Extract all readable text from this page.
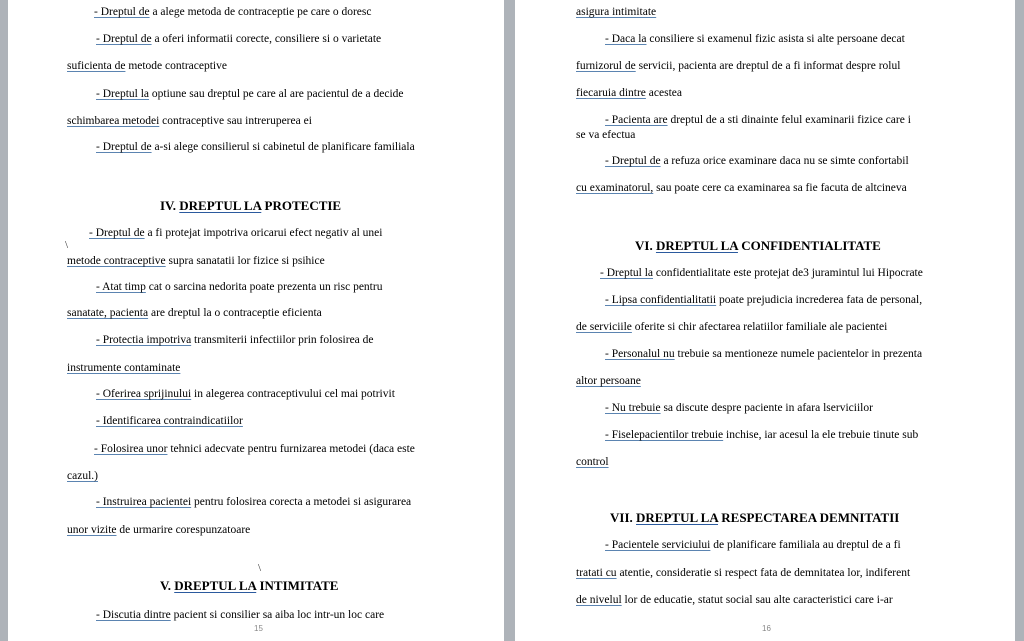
- Dreptul de a alege metoda de contraceptie pe care o doresc
- Dreptul de a oferi informatii corecte, consiliere si o varietate
suficienta de metode contraceptive
- Dreptul la optiune sau dreptul pe care al are pacientul de a decide
schimbarea metodei contraceptive sau intreruperea ei
- Dreptul de a-si alege consilierul si cabinetul de planificare familiala
IV. DREPTUL LA PROTECTIE
- Dreptul de a fi protejat impotriva oricarui efect negativ al unei
\
metode contraceptive supra sanatatii lor fizice si psihice
- Atat timp cat o sarcina nedorita poate prezenta un risc pentru
sanatate, pacienta are dreptul la o contraceptie eficienta
- Protectia impotriva transmiterii infectiilor prin folosirea de
instrumente contaminate
- Oferirea sprijinului in alegerea contraceptivului cel mai potrivit
- Identificarea contraindicatiilor
- Folosirea unor tehnici adecvate pentru furnizarea metodei (daca este
cazul.)
- Instruirea pacientei pentru folosirea corecta a metodei si asigurarea
unor vizite de urmarire corespunzatoare
\
V. DREPTUL LA INTIMITATE
- Discutia dintre pacient si consilier sa aiba loc intr-un loc care
15
asigura intimitate
- Daca la consiliere si examenul fizic asista si alte persoane decat
furnizorul de servicii, pacienta are dreptul de a fi informat despre rolul
fiecaruia dintre acestea
- Pacienta are dreptul de a sti dinainte felul examinarii fizice care i
se va efectua
- Dreptul de a refuza orice examinare daca nu se simte confortabil
cu examinatorul, sau poate cere ca examinarea sa fie facuta de altcineva
VI. DREPTUL LA CONFIDENTIALITATE
- Dreptul la confidentialitate este protejat de3 juramintul lui Hipocrate
- Lipsa confidentialitatii poate prejudicia increderea fata de personal,
de serviciile oferite si chir afectarea relatiilor familiale ale pacientei
- Personalul nu trebuie sa mentioneze numele pacientelor in prezenta
altor persoane
- Nu trebuie sa discute despre paciente in afara lserviciilor
- Fiselepacientilor trebuie inchise, iar acesul la ele trebuie tinute sub
control
VII. DREPTUL LA RESPECTAREA DEMNITATII
- Pacientele serviciului de planificare familiala au dreptul de a fi
tratati cu atentie, consideratie si respect fata de demnitatea lor, indiferent
de nivelul lor de educatie, statut social sau alte caracteristici care i-ar
16
